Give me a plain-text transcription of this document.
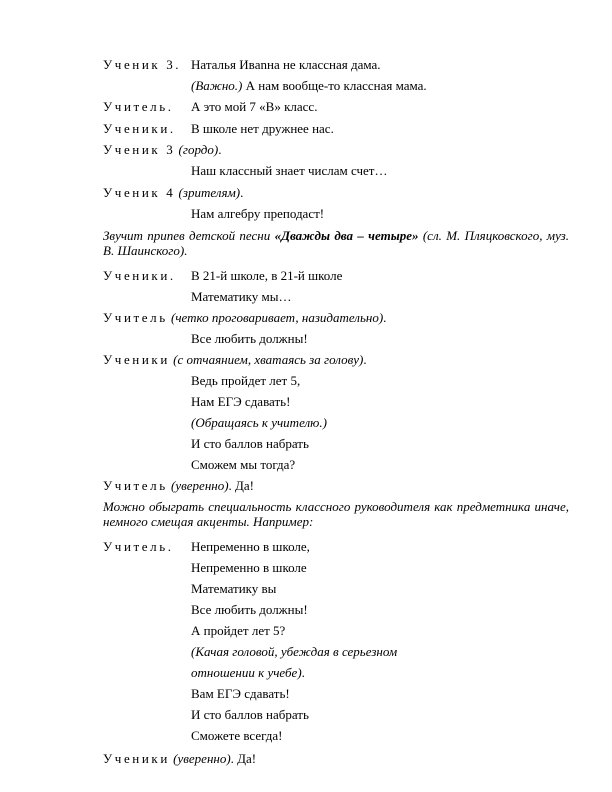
Ученик 3. Наталья Ивanна не классная дама.
(Важно.) А нам вообще-то классная мама.
Учитель. А это мой 7 «В» класс.
Ученики. В школе нет дружнее нас.
Ученик 3 (гордо).
Наш классный знает числам счет…
Ученик 4 (зрителям).
Нам алгебру преподаст!
Звучит припев детской песни «Дважды два – четыре» (сл. М. Пляцковского, муз. В. Шаинского).
Ученики. В 21-й школе, в 21-й школе
Математику мы…
Учитель (четко проговаривает, назидательно).
Все любить должны!
Ученики (с отчаянием, хватаясь за голову).
Ведь пройдет лет 5,
Нам ЕГЭ сдавать!
(Обращаясь к учителю.)
И сто баллов набрать
Сможем мы тогда?
Учитель (уверенно). Да!
Можно обыграть специальность классного руководителя как предметника иначе, немного смещая акценты. Например:
Учитель. Непременно в школе,
Непременно в школе
Математику вы
Все любить должны!
А пройдет лет 5?
(Качая головой, убеждая в серьезном
отношении к учебе).
Вам ЕГЭ сдавать!
И сто баллов набрать
Сможете всегда!
Ученики (уверенно). Да!
